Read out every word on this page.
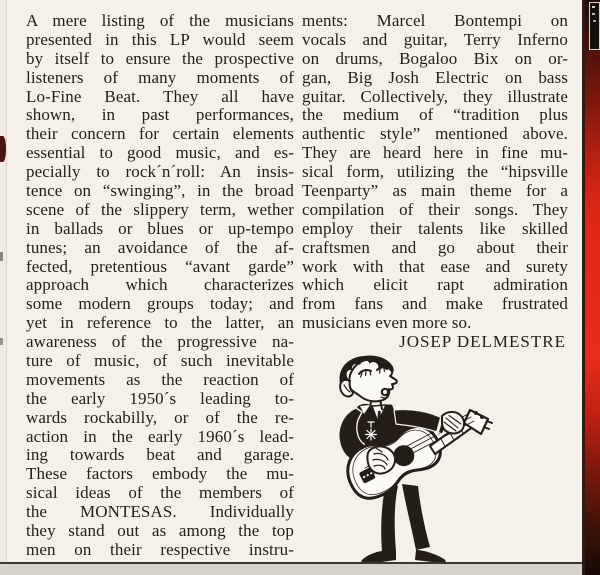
A mere listing of the musicians
presented in this LP would seem
by itself to ensure the prospective
listeners of many moments of
Lo-Fine Beat. They all have
shown, in past performances,
their concern for certain elements
essential to good music, and es-
pecially to rock´n´roll: An insis-
tence on “swinging”, in the broad
scene of the slippery term, wether
in ballads or blues or up-tempo
tunes; an avoidance of the af-
fected, pretentious “avant garde”
approach which characterizes
some modern groups today; and
yet in reference to the latter, an
awareness of the progressive na-
ture of music, of such inevitable
movements as the reaction of
the early 1950´s leading to-
wards rockabilly, or of the re-
action in the early 1960´s lead-
ing towards beat and garage.
These factors embody the mu-
sical ideas of the members of
the MONTESAS. Individually
they stand out as among the top
men on their respective instru-
ments: Marcel Bontempi on
vocals and guitar, Terry Inferno
on drums, Bogaloo Bix on or-
gan, Big Josh Electric on bass
guitar. Collectively, they illustrate
the medium of “tradition plus
authentic style” mentioned above.
They are heard here in fine mu-
sical form, utilizing the “hipsville
Teenparty” as main theme for a
compilation of their songs. They
employ their talents like skilled
craftsmen and go about their
work with that ease and surety
which elicit rapt admiration
from fans and make frustrated
musicians even more so.
JOSEP DELMESTRE
